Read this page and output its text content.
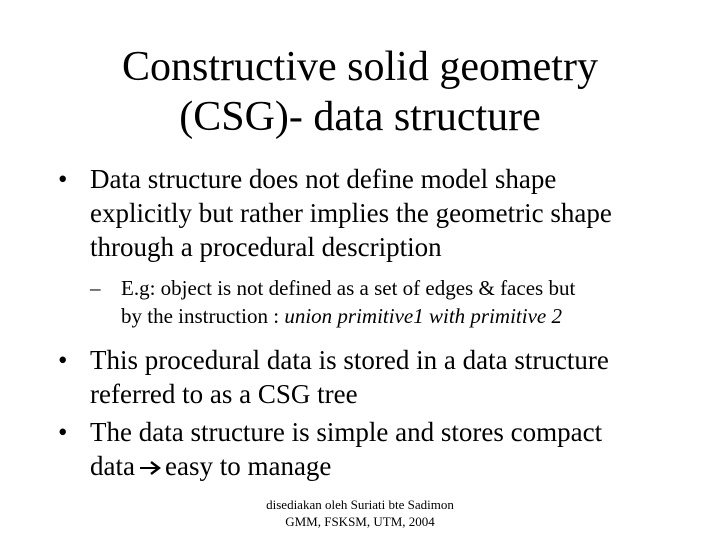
Constructive solid geometry
(CSG)- data structure
• Data structure does not define model shape
explicitly but rather implies the geometric shape
through a procedural description
– E.g: object is not defined as a set of edges & faces but
by the instruction : union primitive1 with primitive 2
• This procedural data is stored in a data structure
referred to as a CSG tree
• The data structure is simple and stores compact
data easy to manage
disediakan oleh Suriati bte Sadimon
GMM, FSKSM, UTM, 2004
